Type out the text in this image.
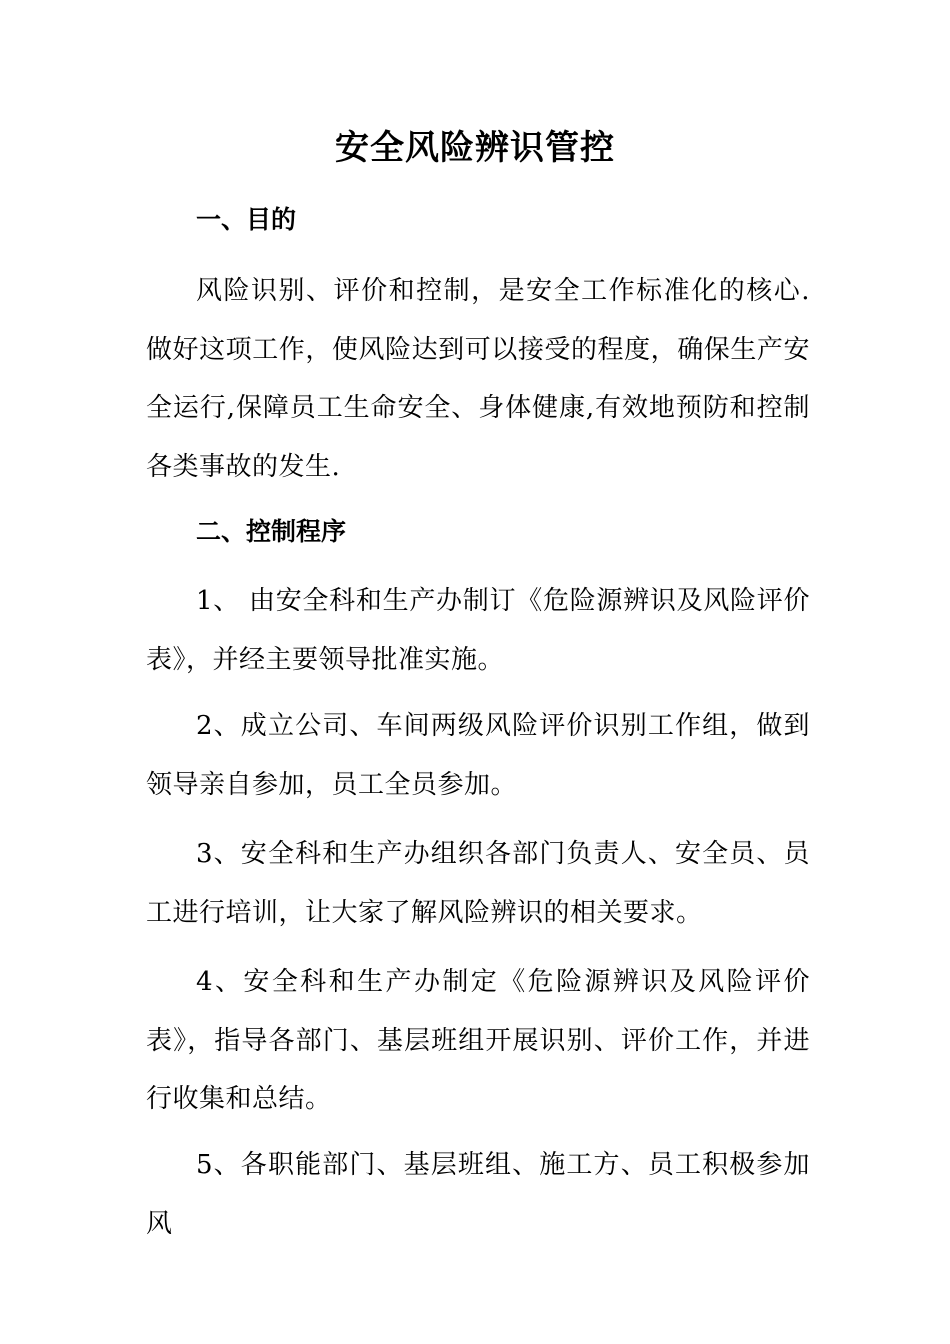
安全风险辨识管控
一、目的

风险识别、评价和控制，是安全工作标准化的核心.做好这项工作，使风险达到可以接受的程度，确保生产安全运行,保障员工生命安全、身体健康,有效地预防和控制各类事故的发生.

二、控制程序

1、 由安全科和生产办制订《危险源辨识及风险评价表》，并经主要领导批准实施。

2、成立公司、车间两级风险评价识别工作组，做到领导亲自参加，员工全员参加。

3、安全科和生产办组织各部门负责人、安全员、员工进行培训，让大家了解风险辨识的相关要求。

4、安全科和生产办制定《危险源辨识及风险评价表》，指导各部门、基层班组开展识别、评价工作，并进行收集和总结。

5、各职能部门、基层班组、施工方、员工积极参加风
